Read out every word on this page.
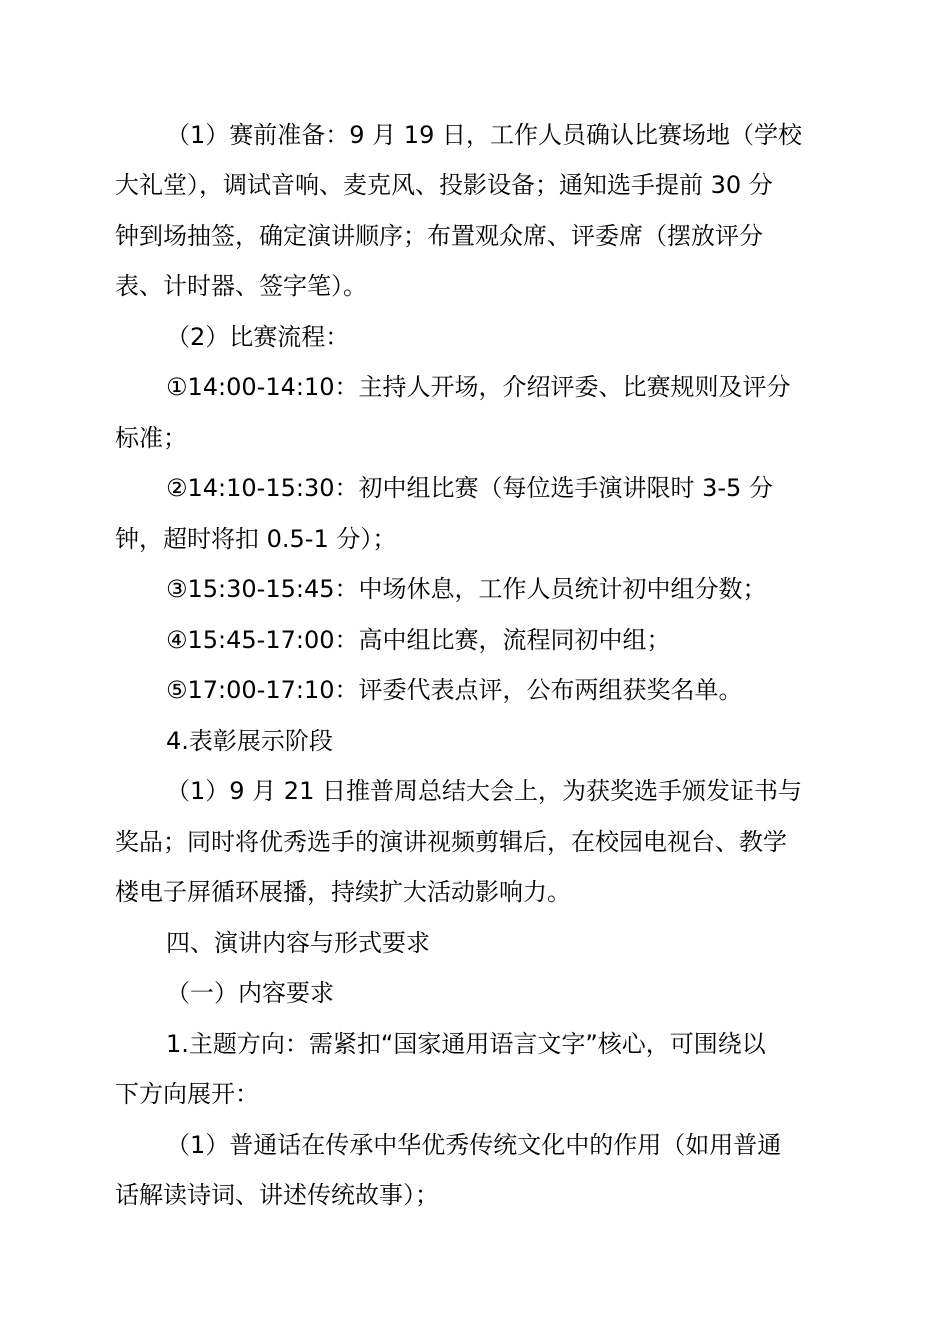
（1）赛前准备：9 月 19 日，工作人员确认比赛场地（学校
大礼堂），调试音响、麦克风、投影设备；通知选手提前 30 分
钟到场抽签，确定演讲顺序；布置观众席、评委席（摆放评分
表、计时器、签字笔）。
（2）比赛流程：
①14:00-14:10：主持人开场，介绍评委、比赛规则及评分
标准；
②14:10-15:30：初中组比赛（每位选手演讲限时 3-5 分
钟，超时将扣 0.5-1 分）；
③15:30-15:45：中场休息，工作人员统计初中组分数；
④15:45-17:00：高中组比赛，流程同初中组；
⑤17:00-17:10：评委代表点评，公布两组获奖名单。
4.表彰展示阶段
（1）9 月 21 日推普周总结大会上，为获奖选手颁发证书与
奖品；同时将优秀选手的演讲视频剪辑后，在校园电视台、教学
楼电子屏循环展播，持续扩大活动影响力。
四、演讲内容与形式要求
（一）内容要求
1.主题方向：需紧扣“国家通用语言文字”核心，可围绕以
下方向展开：
（1）普通话在传承中华优秀传统文化中的作用（如用普通
话解读诗词、讲述传统故事）；
